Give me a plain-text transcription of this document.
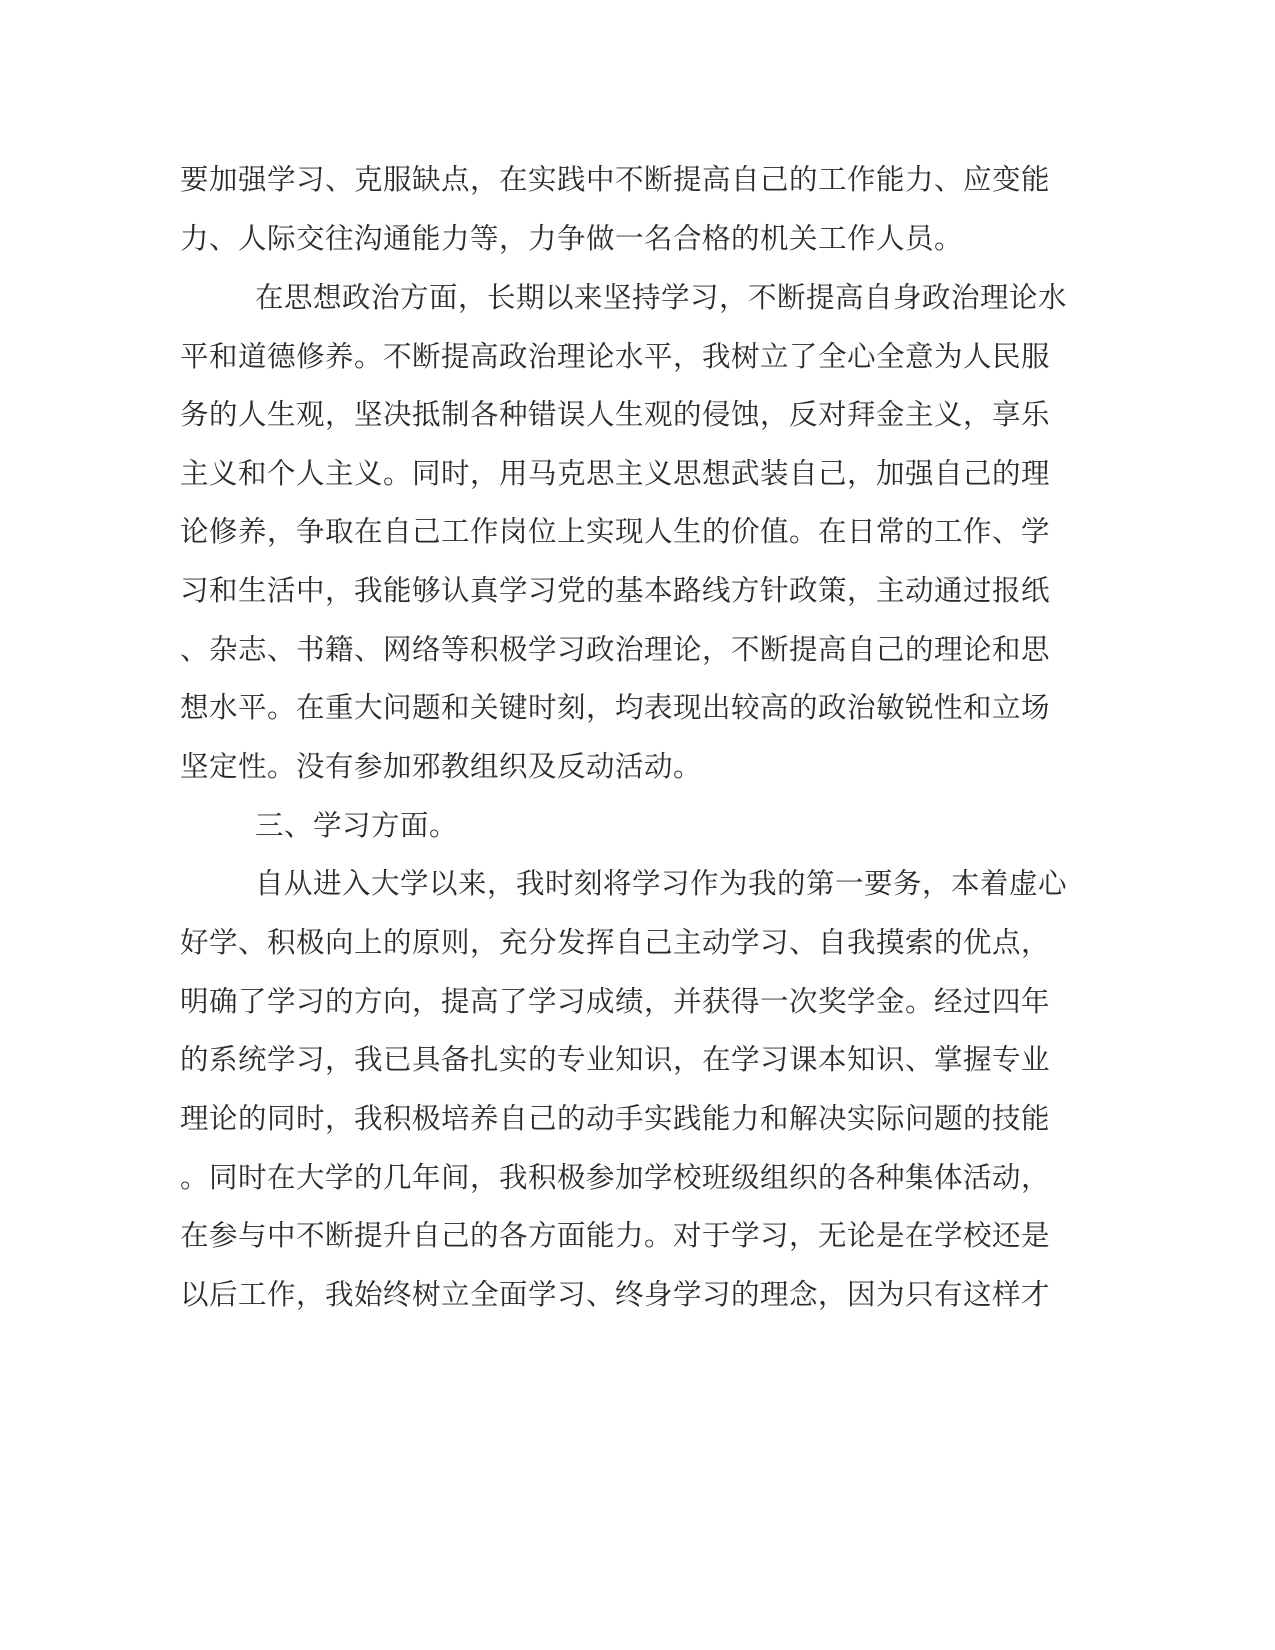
要加强学习、克服缺点，在实践中不断提高自己的工作能力、应变能
力、人际交往沟通能力等，力争做一名合格的机关工作人员。
在思想政治方面，长期以来坚持学习，不断提高自身政治理论水
平和道德修养。不断提高政治理论水平，我树立了全心全意为人民服
务的人生观，坚决抵制各种错误人生观的侵蚀，反对拜金主义，享乐
主义和个人主义。同时，用马克思主义思想武装自己，加强自己的理
论修养，争取在自己工作岗位上实现人生的价值。在日常的工作、学
习和生活中，我能够认真学习党的基本路线方针政策，主动通过报纸
、杂志、书籍、网络等积极学习政治理论，不断提高自己的理论和思
想水平。在重大问题和关键时刻，均表现出较高的政治敏锐性和立场
坚定性。没有参加邪教组织及反动活动。
三、学习方面。
自从进入大学以来，我时刻将学习作为我的第一要务，本着虚心
好学、积极向上的原则，充分发挥自己主动学习、自我摸索的优点，
明确了学习的方向，提高了学习成绩，并获得一次奖学金。经过四年
的系统学习，我已具备扎实的专业知识，在学习课本知识、掌握专业
理论的同时，我积极培养自己的动手实践能力和解决实际问题的技能
。同时在大学的几年间，我积极参加学校班级组织的各种集体活动，
在参与中不断提升自己的各方面能力。对于学习，无论是在学校还是
以后工作，我始终树立全面学习、终身学习的理念，因为只有这样才
